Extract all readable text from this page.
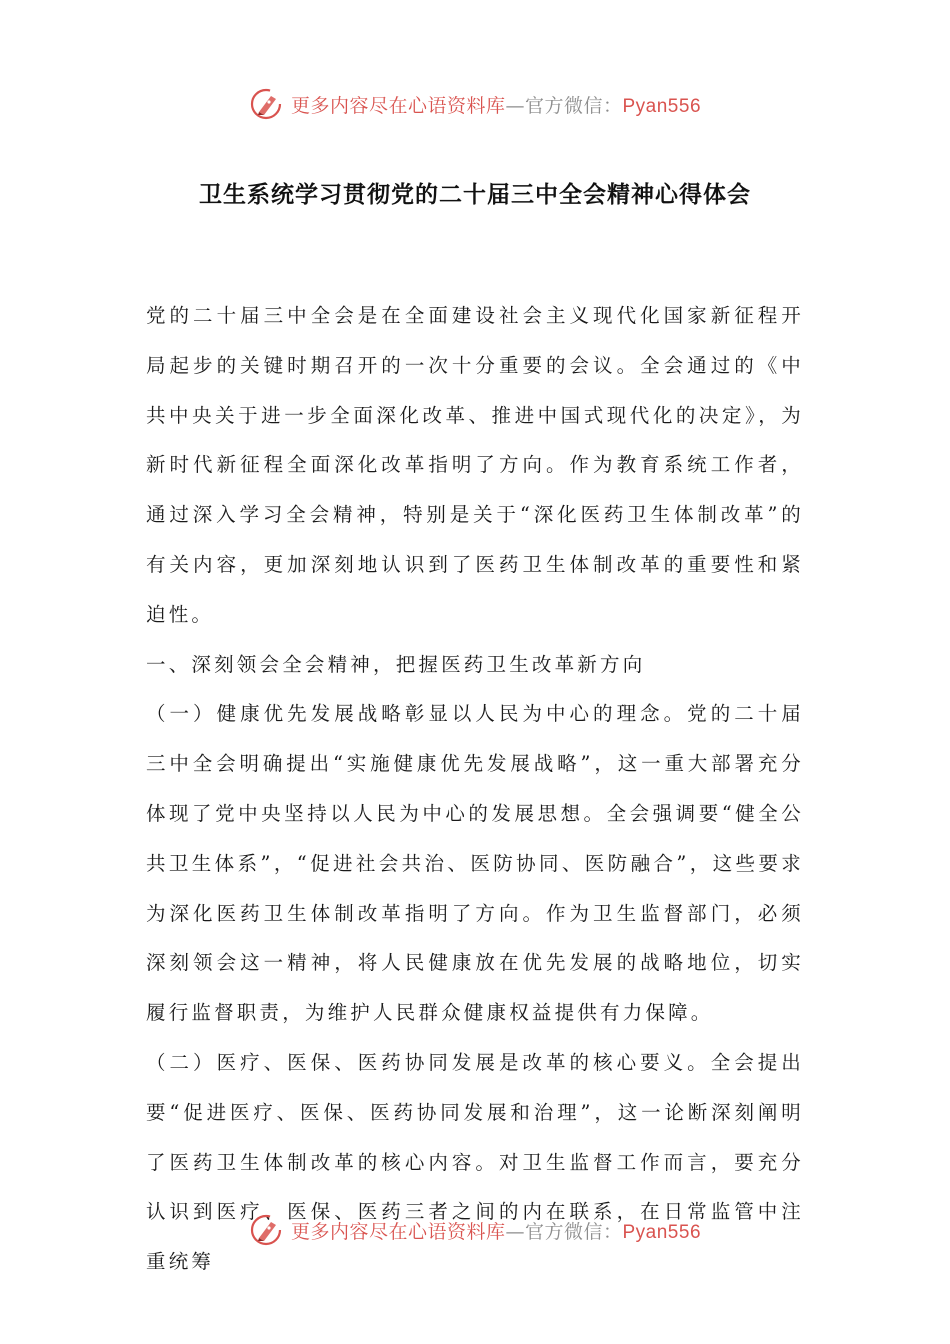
更多内容尽在心语资料库—官方微信：Pyan556
卫生系统学习贯彻党的二十届三中全会精神心得体会

党的二十届三中全会是在全面建设社会主义现代化国家新征程开局起步的关键时期召开的一次十分重要的会议。全会通过的《中共中央关于进一步全面深化改革、推进中国式现代化的决定》，为新时代新征程全面深化改革指明了方向。作为教育系统工作者，通过深入学习全会精神，特别是关于“深化医药卫生体制改革”的有关内容，更加深刻地认识到了医药卫生体制改革的重要性和紧迫性。

一、深刻领会全会精神，把握医药卫生改革新方向

（一）健康优先发展战略彰显以人民为中心的理念。党的二十届三中全会明确提出“实施健康优先发展战略”，这一重大部署充分体现了党中央坚持以人民为中心的发展思想。全会强调要“健全公共卫生体系”，“促进社会共治、医防协同、医防融合”，这些要求为深化医药卫生体制改革指明了方向。作为卫生监督部门，必须深刻领会这一精神，将人民健康放在优先发展的战略地位，切实履行监督职责，为维护人民群众健康权益提供有力保障。

（二）医疗、医保、医药协同发展是改革的核心要义。全会提出要“促进医疗、医保、医药协同发展和治理”，这一论断深刻阐明了医药卫生体制改革的核心内容。对卫生监督工作而言，要充分认识到医疗、医保、医药三者之间的内在联系，在日常监管中注重统筹

更多内容尽在心语资料库—官方微信：Pyan556
